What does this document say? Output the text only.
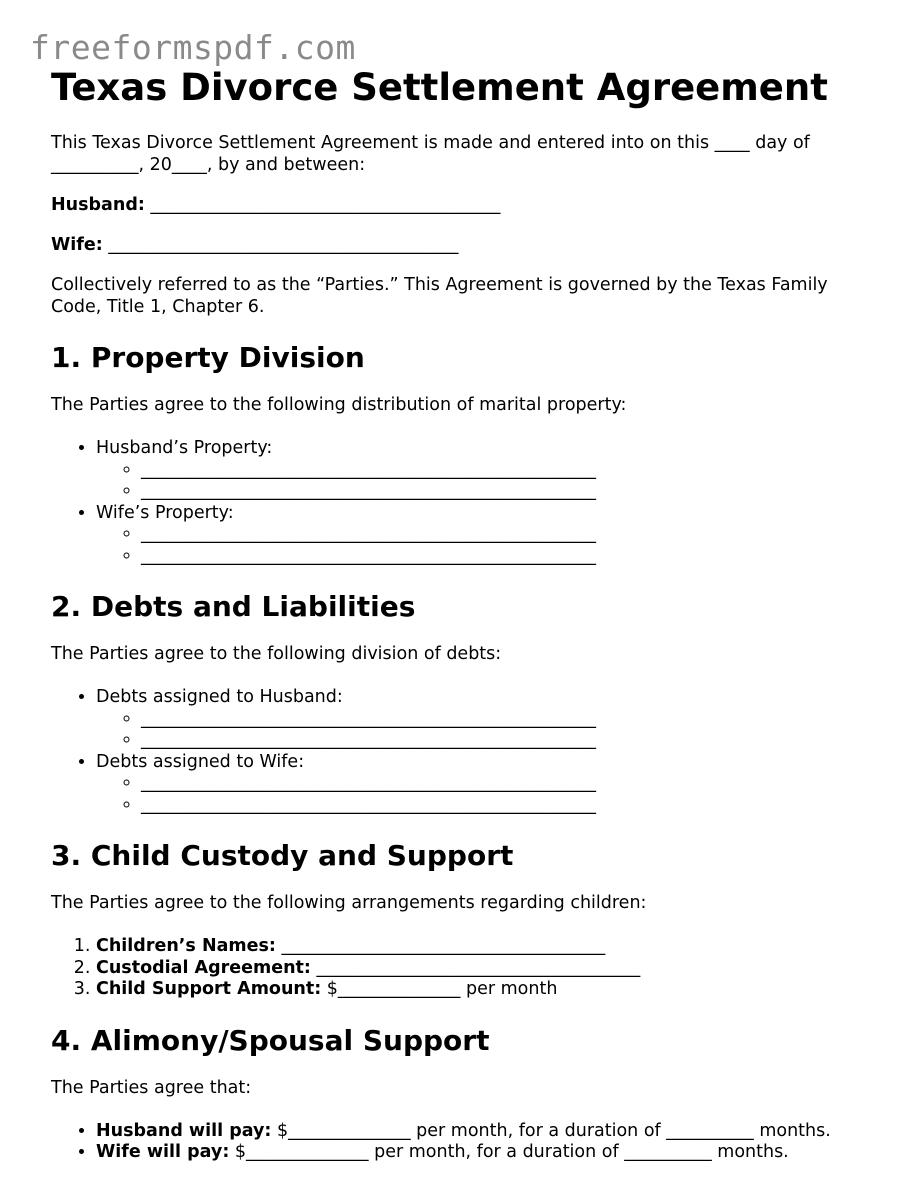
freeformspdf.com
Texas Divorce Settlement Agreement

This Texas Divorce Settlement Agreement is made and entered into on this ____ day of __________, 20____, by and between:

Husband: ________________________________________

Wife: ________________________________________

Collectively referred to as the “Parties.” This Agreement is governed by the Texas Family Code, Title 1, Chapter 6.

1. Property Division

The Parties agree to the following distribution of marital property:

• Husband’s Property:
◦ ____________________________________________________
◦ ____________________________________________________
• Wife’s Property:
◦ ____________________________________________________
◦ ____________________________________________________
2. Debts and Liabilities

The Parties agree to the following division of debts:

• Debts assigned to Husband:
◦ ____________________________________________________
◦ ____________________________________________________
• Debts assigned to Wife:
◦ ____________________________________________________
◦ ____________________________________________________
3. Child Custody and Support

The Parties agree to the following arrangements regarding children:

1. Children’s Names: _____________________________________
2. Custodial Agreement: _____________________________________
3. Child Support Amount: $______________ per month
4. Alimony/Spousal Support

The Parties agree that:

• Husband will pay: $______________ per month, for a duration of __________ months.
• Wife will pay: $______________ per month, for a duration of __________ months.
